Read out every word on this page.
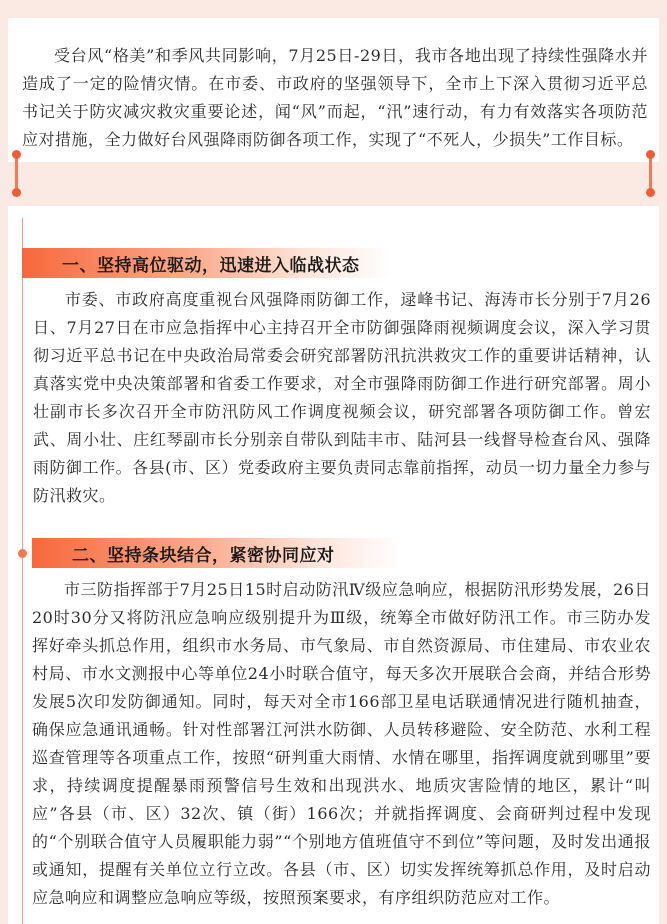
受台风“格美”和季风共同影响，7月25日-29日，我市各地出现了持续性强降水并造成了一定的险情灾情。在市委、市政府的坚强领导下，全市上下深入贯彻习近平总书记关于防灾减灾救灾重要论述，闻“风”而起，“汛”速行动，有力有效落实各项防范应对措施，全力做好台风强降雨防御各项工作，实现了“不死人，少损失”工作目标。

一、坚持高位驱动，迅速进入临战状态

市委、市政府高度重视台风强降雨防御工作，逯峰书记、海涛市长分别于7月26日、7月27日在市应急指挥中心主持召开全市防御强降雨视频调度会议，深入学习贯彻习近平总书记在中央政治局常委会研究部署防汛抗洪救灾工作的重要讲话精神，认真落实党中央决策部署和省委工作要求，对全市强降雨防御工作进行研究部署。周小壮副市长多次召开全市防汛防风工作调度视频会议，研究部署各项防御工作。曾宏武、周小壮、庄红琴副市长分别亲自带队到陆丰市、陆河县一线督导检查台风、强降雨防御工作。各县(市、区）党委政府主要负责同志靠前指挥，动员一切力量全力参与防汛救灾。

二、坚持条块结合，紧密协同应对

市三防指挥部于7月25日15时启动防汛Ⅳ级应急响应，根据防汛形势发展，26日20时30分又将防汛应急响应级别提升为Ⅲ级，统筹全市做好防汛工作。市三防办发挥好牵头抓总作用，组织市水务局、市气象局、市自然资源局、市住建局、市农业农村局、市水文测报中心等单位24小时联合值守，每天多次开展联合会商，并结合形势发展5次印发防御通知。同时，每天对全市166部卫星电话联通情况进行随机抽查，确保应急通讯通畅。针对性部署江河洪水防御、人员转移避险、安全防范、水利工程巡查管理等各项重点工作，按照“研判重大雨情、水情在哪里，指挥调度就到哪里”要求，持续调度提醒暴雨预警信号生效和出现洪水、地质灾害险情的地区，累计“叫应”各县（市、区）32次、镇（街）166次；并就指挥调度、会商研判过程中发现的“个别联合值守人员履职能力弱”“个别地方值班值守不到位”等问题，及时发出通报或通知，提醒有关单位立行立改。各县（市、区）切实发挥统筹抓总作用，及时启动应急响应和调整应急响应等级，按照预案要求，有序组织防范应对工作。
